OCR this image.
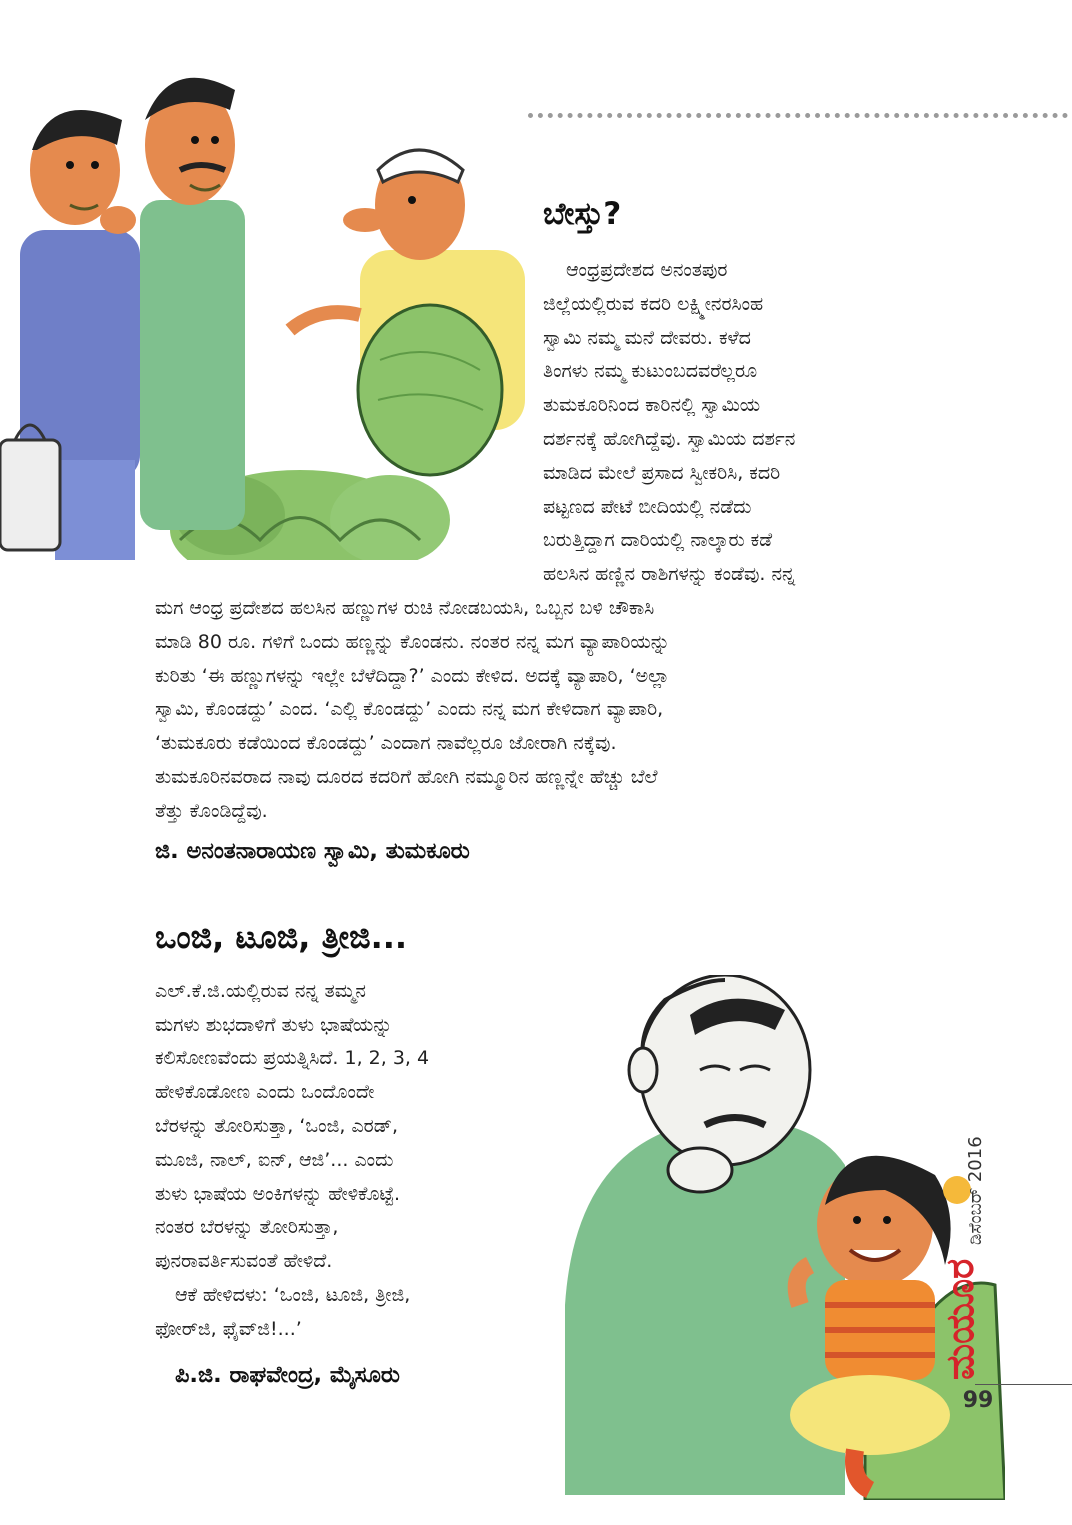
ಬೇಸ್ತು?

ಆಂಧ್ರಪ್ರದೇಶದ ಅನಂತಪುರ

ಜಿಲ್ಲೆಯಲ್ಲಿರುವ ಕದರಿ ಲಕ್ಷ್ಮೀನರಸಿಂಹ

ಸ್ವಾಮಿ ನಮ್ಮ ಮನೆ ದೇವರು. ಕಳೆದ

ತಿಂಗಳು ನಮ್ಮ ಕುಟುಂಬದವರೆಲ್ಲರೂ

ತುಮಕೂರಿನಿಂದ ಕಾರಿನಲ್ಲಿ ಸ್ವಾಮಿಯ

ದರ್ಶನಕ್ಕೆ ಹೋಗಿದ್ದೆವು. ಸ್ವಾಮಿಯ ದರ್ಶನ

ಮಾಡಿದ ಮೇಲೆ ಪ್ರಸಾದ ಸ್ವೀಕರಿಸಿ, ಕದರಿ

ಪಟ್ಟಣದ ಪೇಟೆ ಬೀದಿಯಲ್ಲಿ ನಡೆದು

ಬರುತ್ತಿದ್ದಾಗ ದಾರಿಯಲ್ಲಿ ನಾಲ್ಕಾರು ಕಡೆ

ಹಲಸಿನ ಹಣ್ಣಿನ ರಾಶಿಗಳನ್ನು ಕಂಡೆವು. ನನ್ನ

ಮಗ ಆಂಧ್ರ ಪ್ರದೇಶದ ಹಲಸಿನ ಹಣ್ಣುಗಳ ರುಚಿ ನೋಡಬಯಸಿ, ಒಬ್ಬನ ಬಳಿ ಚೌಕಾಸಿ

ಮಾಡಿ 80 ರೂ. ಗಳಿಗೆ ಒಂದು ಹಣ್ಣನ್ನು ಕೊಂಡನು. ನಂತರ ನನ್ನ ಮಗ ವ್ಯಾಪಾರಿಯನ್ನು

ಕುರಿತು ‘ಈ ಹಣ್ಣುಗಳನ್ನು ಇಲ್ಲೇ ಬೆಳೆದಿದ್ದಾ?’ ಎಂದು ಕೇಳಿದ. ಅದಕ್ಕೆ ವ್ಯಾಪಾರಿ, ‘ಅಲ್ಲಾ

ಸ್ವಾಮಿ, ಕೊಂಡದ್ದು’ ಎಂದ. ‘ಎಲ್ಲಿ ಕೊಂಡದ್ದು’ ಎಂದು ನನ್ನ ಮಗ ಕೇಳಿದಾಗ ವ್ಯಾಪಾರಿ,

‘ತುಮಕೂರು ಕಡೆಯಿಂದ ಕೊಂಡದ್ದು’ ಎಂದಾಗ ನಾವೆಲ್ಲರೂ ಜೋರಾಗಿ ನಕ್ಕೆವು.

ತುಮಕೂರಿನವರಾದ ನಾವು ದೂರದ ಕದರಿಗೆ ಹೋಗಿ ನಮ್ಮೂರಿನ ಹಣ್ಣನ್ನೇ ಹೆಚ್ಚು ಬೆಲೆ

ತೆತ್ತು ಕೊಂಡಿದ್ದೆವು.

ಜಿ. ಅನಂತನಾರಾಯಣ ಸ್ವಾಮಿ, ತುಮಕೂರು

ಒಂಜಿ, ಟೂಜಿ, ತ್ರೀಜಿ...

ಎಲ್.ಕೆ.ಜಿ.ಯಲ್ಲಿರುವ ನನ್ನ ತಮ್ಮನ

ಮಗಳು ಶುಭದಾಳಿಗೆ ತುಳು ಭಾಷೆಯನ್ನು

ಕಲಿಸೋಣವೆಂದು ಪ್ರಯತ್ನಿಸಿದೆ. 1, 2, 3, 4

ಹೇಳಿಕೊಡೋಣ ಎಂದು ಒಂದೊಂದೇ

ಬೆರಳನ್ನು ತೋರಿಸುತ್ತಾ, ‘ಒಂಜಿ, ಎರಡ್,

ಮೂಜಿ, ನಾಲ್, ಐನ್, ಆಜಿ’... ಎಂದು

ತುಳು ಭಾಷೆಯ ಅಂಕಿಗಳನ್ನು ಹೇಳಿಕೊಟ್ಟೆ.

ನಂತರ ಬೆರಳನ್ನು ತೋರಿಸುತ್ತಾ,

ಪುನರಾವರ್ತಿಸುವಂತೆ ಹೇಳಿದೆ.

ಆಕೆ ಹೇಳಿದಳು: ‘ಒಂಜಿ, ಟೂಜಿ, ತ್ರೀಜಿ,

ಫೋರ್‌ಜಿ, ಫೈವ್‌ಜಿ!...’

ಪಿ.ಜಿ. ರಾಘವೇಂದ್ರ, ಮೈಸೂರು	ಮಯೂರ
ಡಿಸೆಂಬರ್ 2016
99
